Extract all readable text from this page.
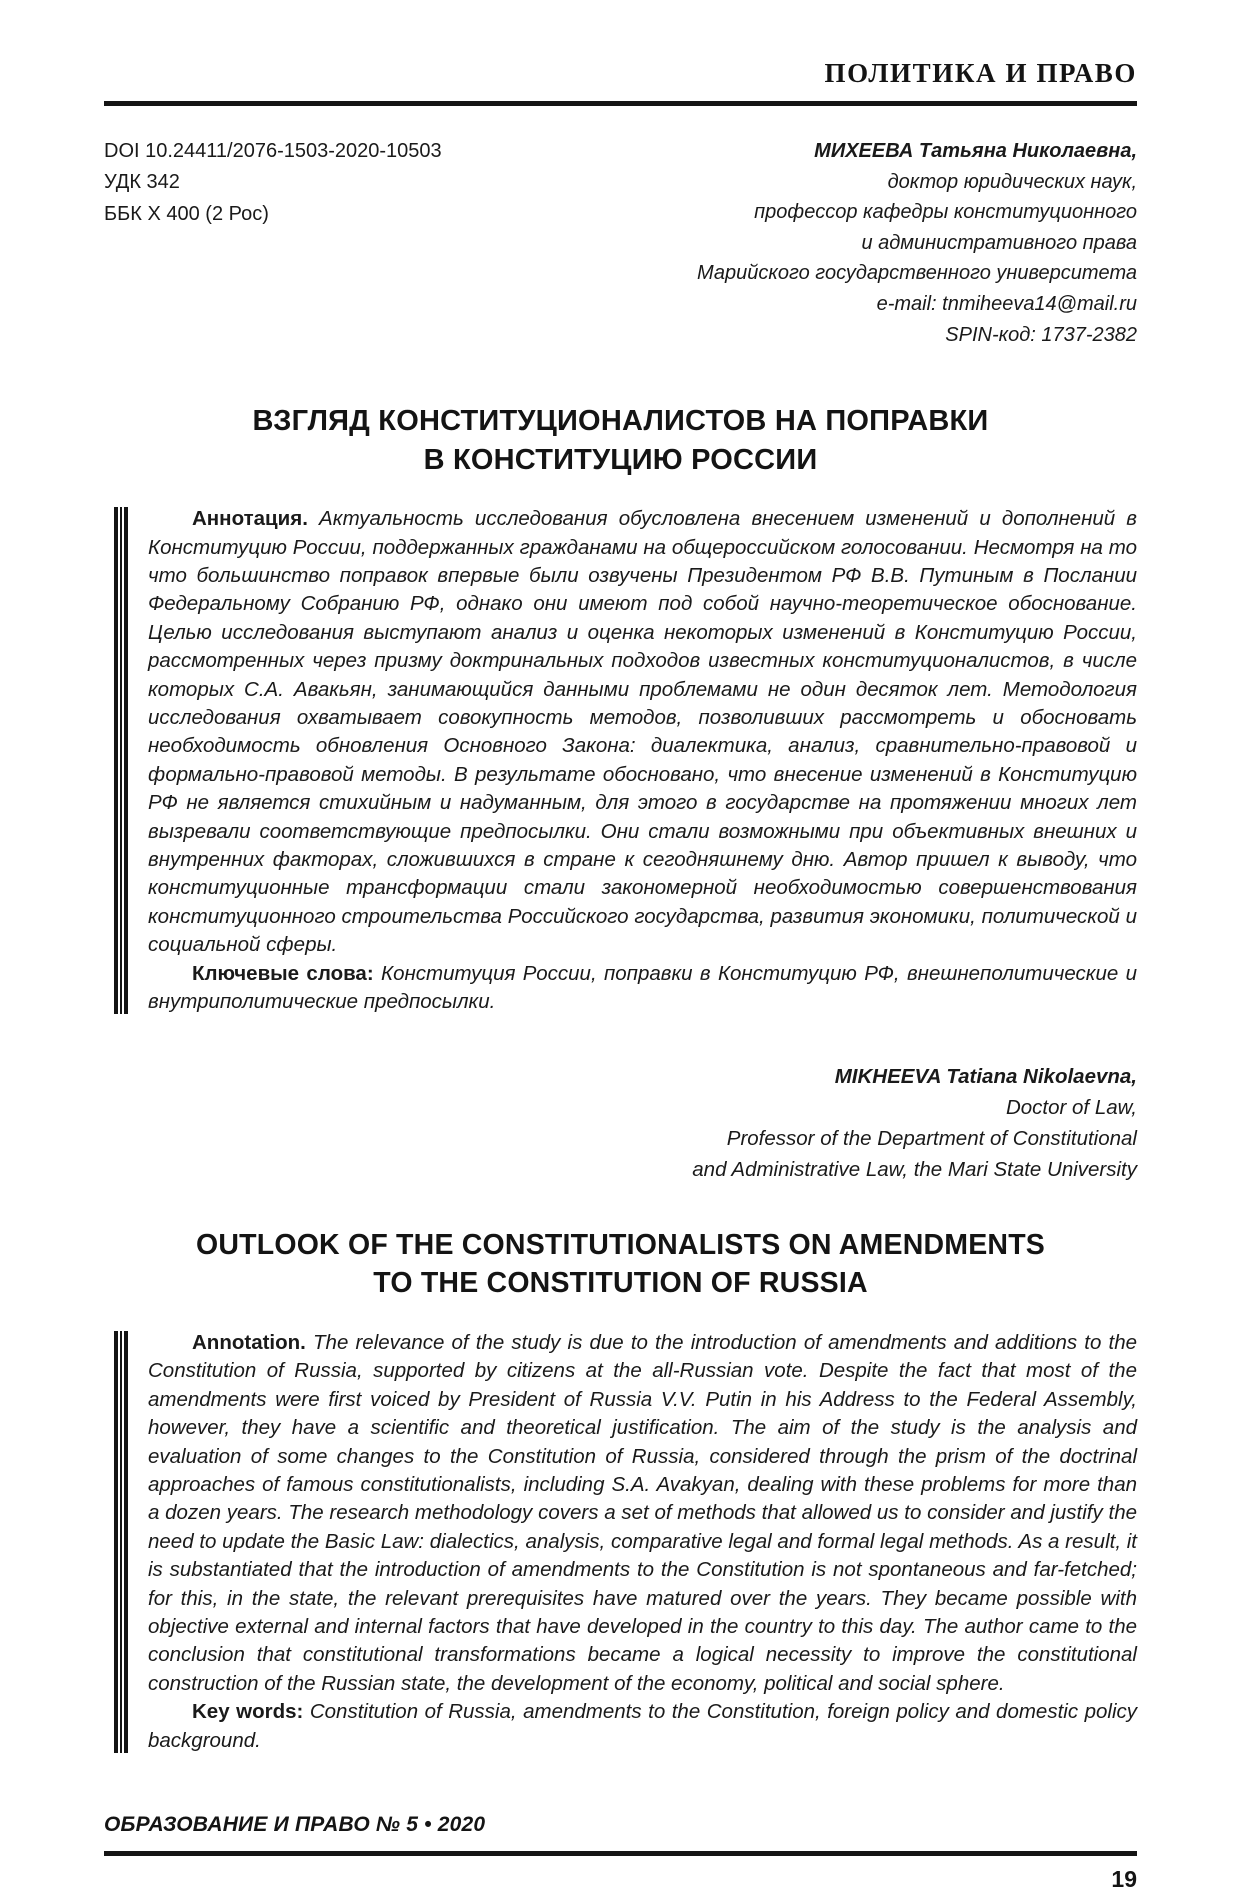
ПОЛИТИКА И ПРАВО
DOI 10.24411/2076-1503-2020-10503
УДК 342
ББК Х 400 (2 Рос)
МИХЕЕВА Татьяна Николаевна,
доктор юридических наук,
профессор кафедры конституционного
и административного права
Марийского государственного университета
e-mail: tnmiheeva14@mail.ru
SPIN-код: 1737-2382
ВЗГЛЯД КОНСТИТУЦИОНАЛИСТОВ НА ПОПРАВКИ
В КОНСТИТУЦИЮ РОССИИ

Аннотация. Актуальность исследования обусловлена внесением изменений и дополнений в Конституцию России, поддержанных гражданами на общероссийском голосовании. Несмотря на то что большинство поправок впервые были озвучены Президентом РФ В.В. Путиным в Послании Федеральному Собранию РФ, однако они имеют под собой научно-теоретическое обоснование. Целью исследования выступают анализ и оценка некоторых изменений в Конституцию России, рассмотренных через призму доктринальных подходов известных конституционалистов, в числе которых С.А. Авакьян, занимающийся данными проблемами не один десяток лет. Методология исследования охватывает совокупность методов, позволивших рассмотреть и обосновать необходимость обновления Основного Закона: диалектика, анализ, сравнительно-правовой и формально-правовой методы. В результате обосновано, что внесение изменений в Конституцию РФ не является стихийным и надуманным, для этого в государстве на протяжении многих лет вызревали соответствующие предпосылки. Они стали возможными при объективных внешних и внутренних факторах, сложившихся в стране к сегодняшнему дню. Автор пришел к выводу, что конституционные трансформации стали закономерной необходимостью совершенствования конституционного строительства Российского государства, развития экономики, политической и социальной сферы.

Ключевые слова: Конституция России, поправки в Конституцию РФ, внешнеполитические и внутриполитические предпосылки.

MIKHEEVA Tatiana Nikolaevna,
Doctor of Law,
Professor of the Department of Constitutional
and Administrative Law, the Mari State University
OUTLOOK OF THE CONSTITUTIONALISTS ON AMENDMENTS
TO THE CONSTITUTION OF RUSSIA

Annotation. The relevance of the study is due to the introduction of amendments and additions to the Constitution of Russia, supported by citizens at the all-Russian vote. Despite the fact that most of the amendments were first voiced by President of Russia V.V. Putin in his Address to the Federal Assembly, however, they have a scientific and theoretical justification. The aim of the study is the analysis and evaluation of some changes to the Constitution of Russia, considered through the prism of the doctrinal approaches of famous constitutionalists, including S.A. Avakyan, dealing with these problems for more than a dozen years. The research methodology covers a set of methods that allowed us to consider and justify the need to update the Basic Law: dialectics, analysis, comparative legal and formal legal methods. As a result, it is substantiated that the introduction of amendments to the Constitution is not spontaneous and far-fetched; for this, in the state, the relevant prerequisites have matured over the years. They became possible with objective external and internal factors that have developed in the country to this day. The author came to the conclusion that constitutional transformations became a logical necessity to improve the constitutional construction of the Russian state, the development of the economy, political and social sphere.

Key words: Constitution of Russia, amendments to the Constitution, foreign policy and domestic policy background.

ОБРАЗОВАНИЕ И ПРАВО № 5 • 2020
19
